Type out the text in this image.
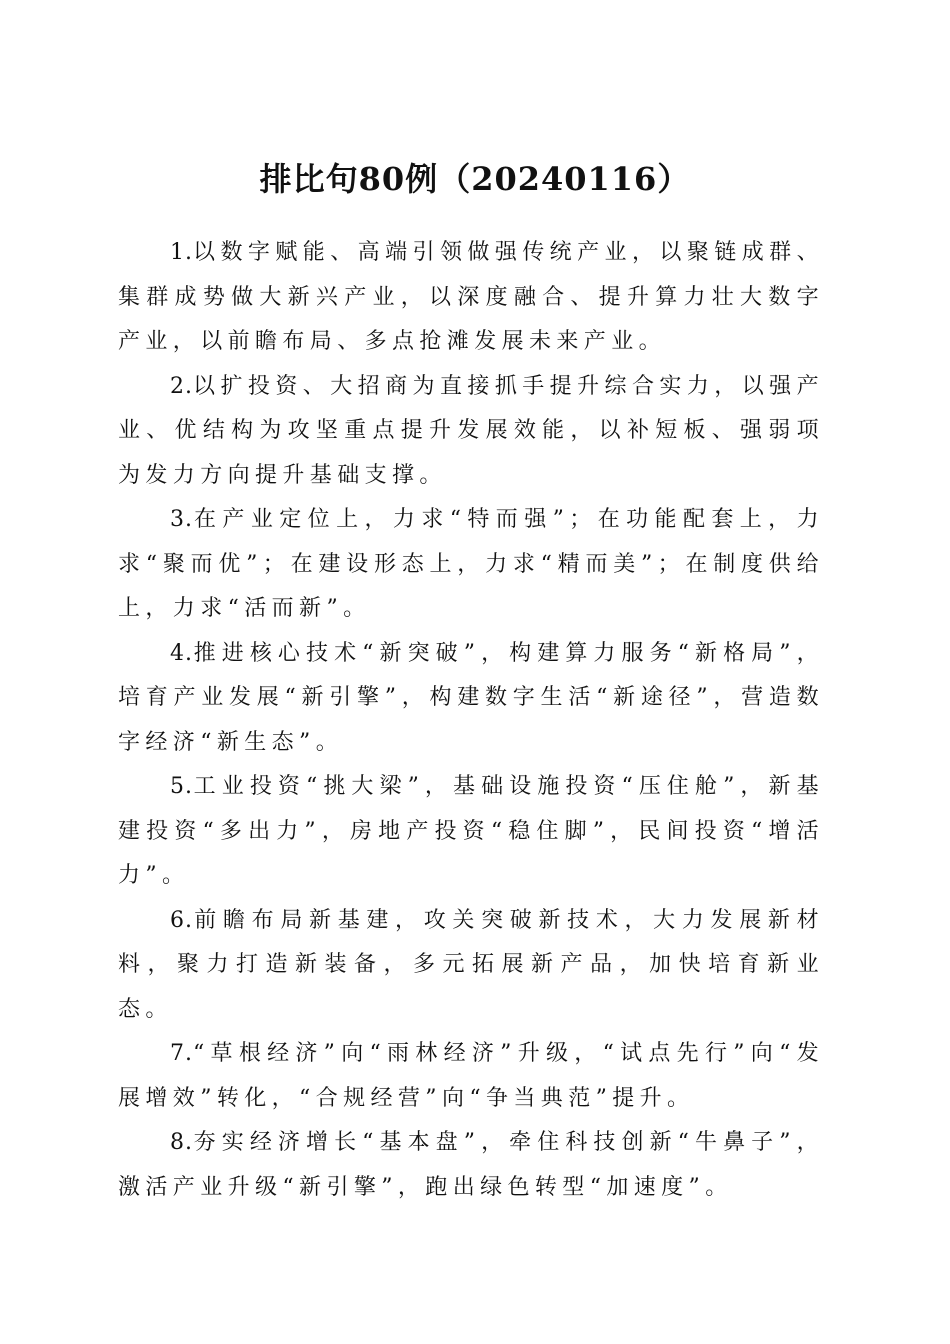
排比句80例（20240116）

1.以数字赋能、高端引领做强传统产业，以聚链成群、集群成势做大新兴产业，以深度融合、提升算力壮大数字产业，以前瞻布局、多点抢滩发展未来产业。

2.以扩投资、大招商为直接抓手提升综合实力，以强产业、优结构为攻坚重点提升发展效能，以补短板、强弱项为发力方向提升基础支撑。

3.在产业定位上，力求“特而强”；在功能配套上，力求“聚而优”；在建设形态上，力求“精而美”；在制度供给上，力求“活而新”。

4.推进核心技术“新突破”，构建算力服务“新格局”，培育产业发展“新引擎”，构建数字生活“新途径”，营造数字经济“新生态”。

5.工业投资“挑大梁”，基础设施投资“压住舱”，新基建投资“多出力”，房地产投资“稳住脚”，民间投资“增活力”。

6.前瞻布局新基建，攻关突破新技术，大力发展新材料，聚力打造新装备，多元拓展新产品，加快培育新业态。

7.“草根经济”向“雨林经济”升级，“试点先行”向“发展增效”转化，“合规经营”向“争当典范”提升。

8.夯实经济增长“基本盘”，牵住科技创新“牛鼻子”，激活产业升级“新引擎”，跑出绿色转型“加速度”。
